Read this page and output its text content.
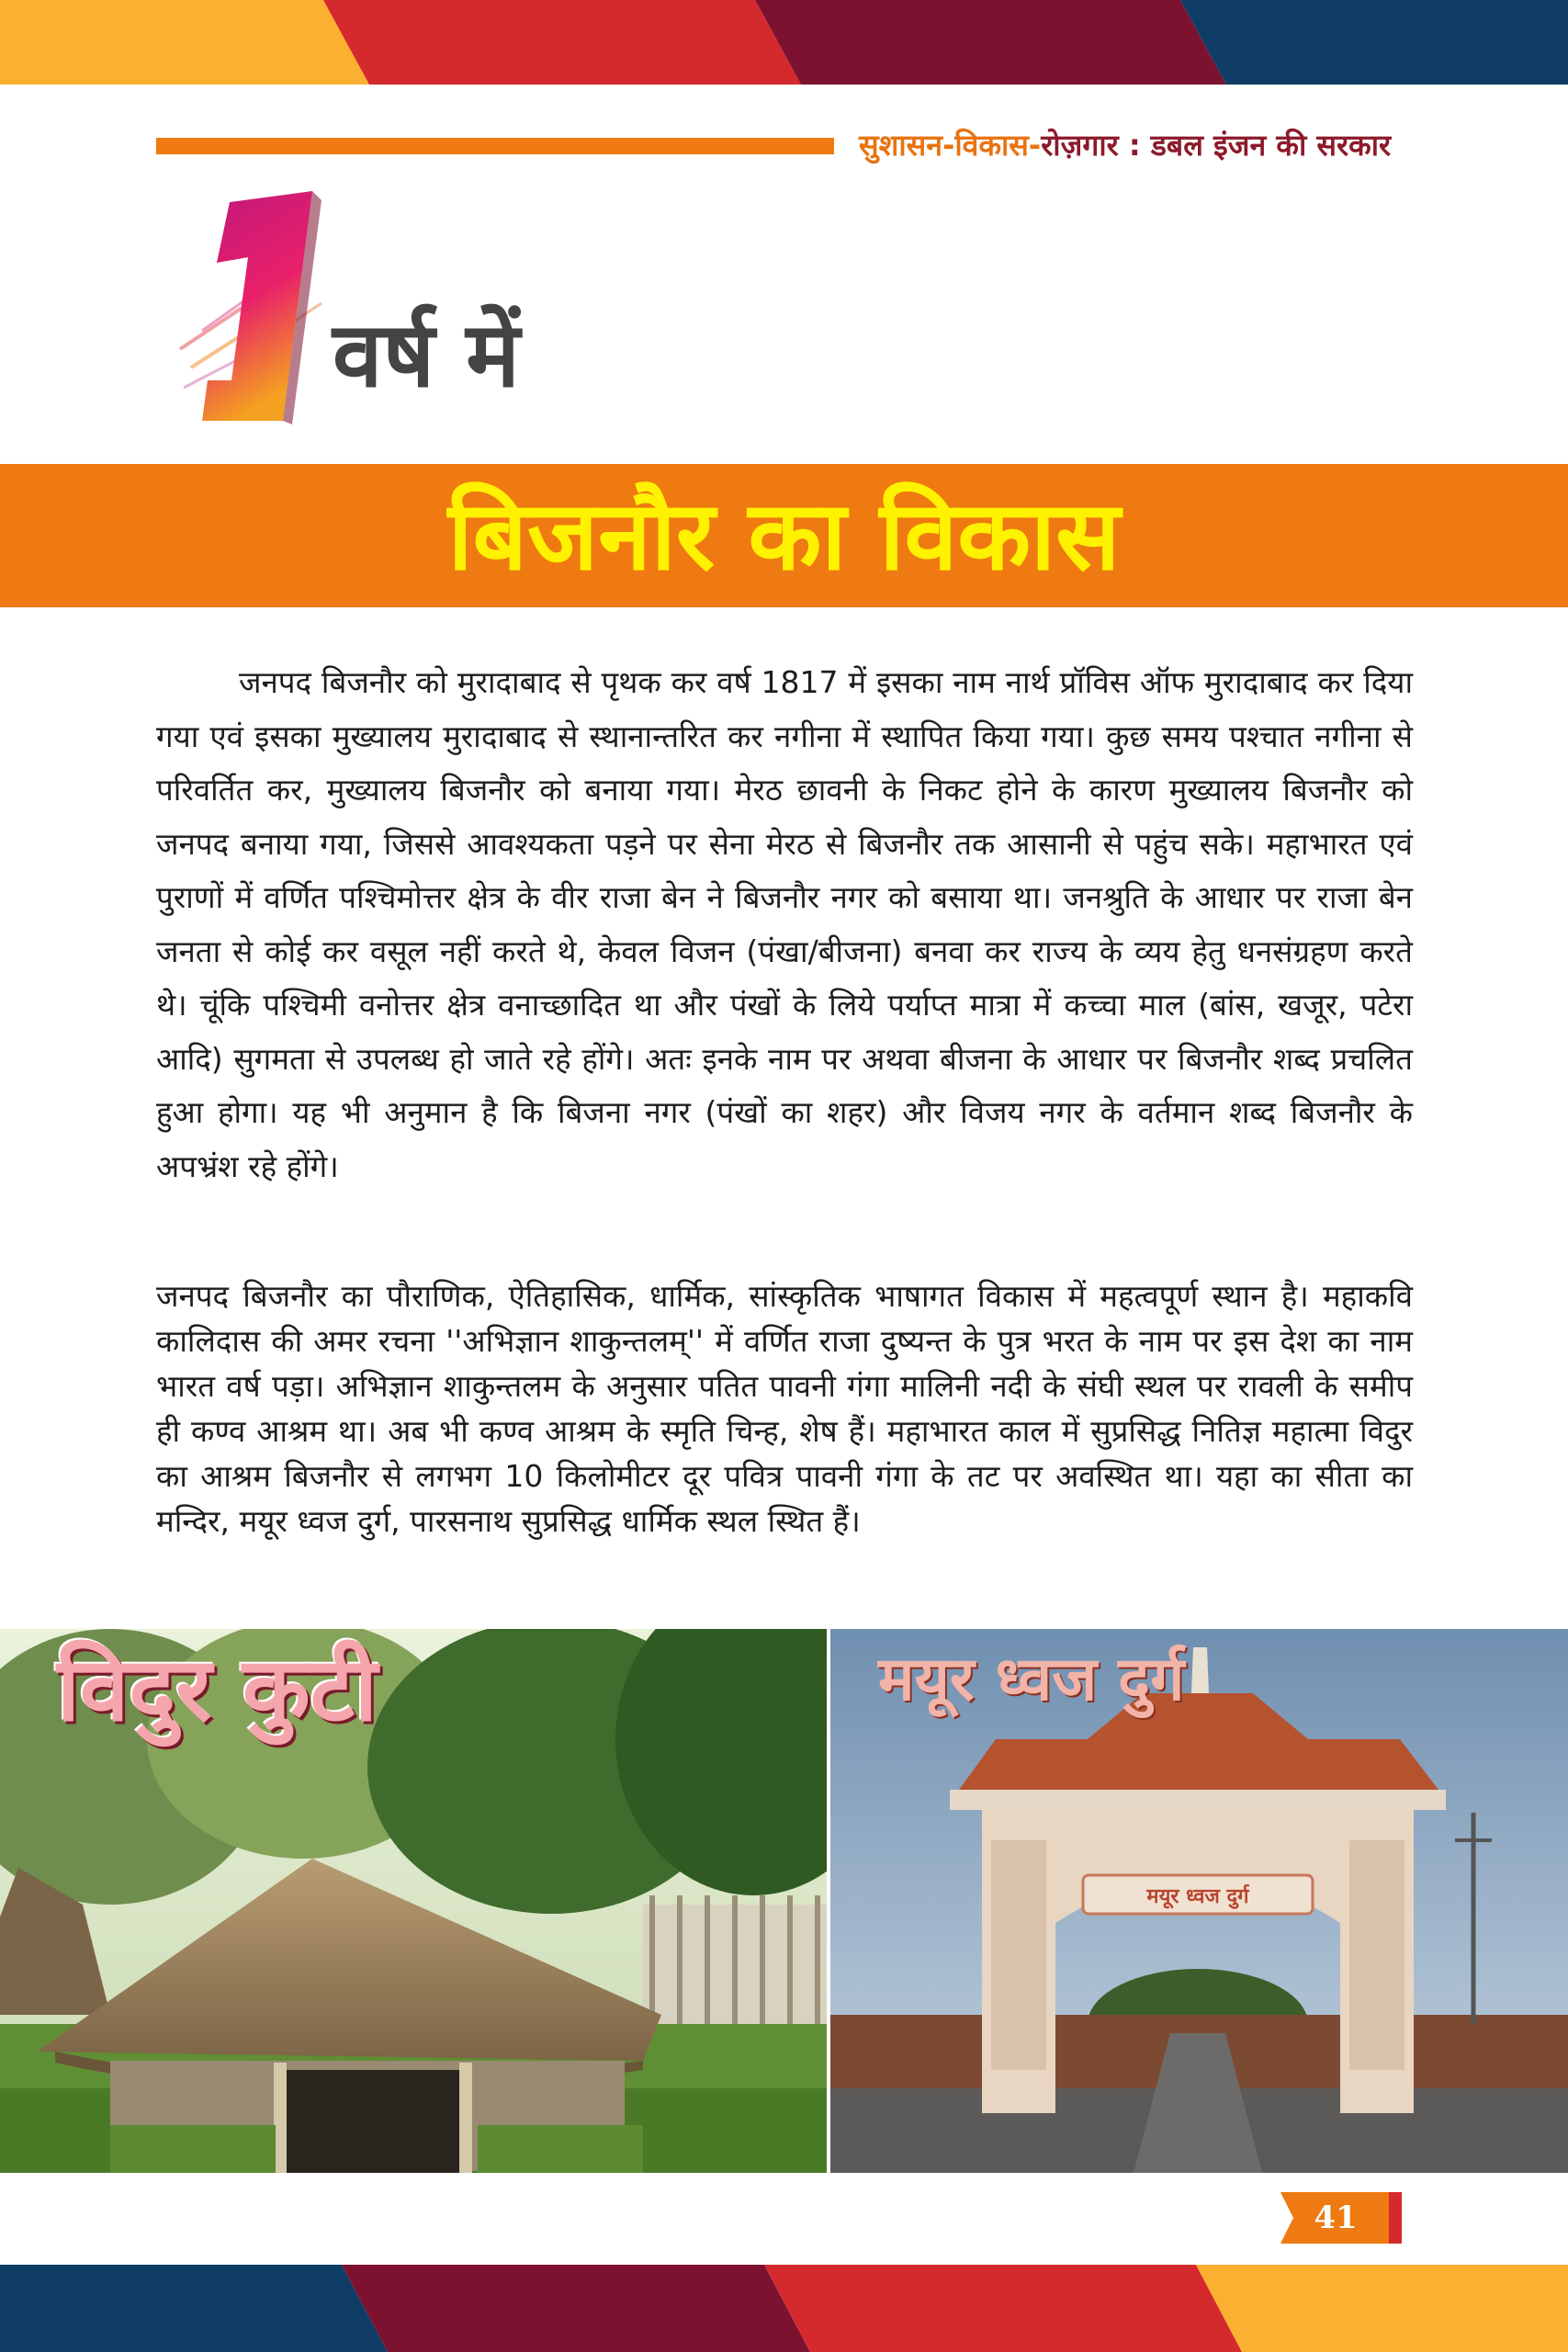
सुशासन-विकास-रोज़गार : डबल इंजन की सरकार
वर्ष में
बिजनौर का विकास

जनपद बिजनौर को मुरादाबाद से पृथक कर वर्ष 1817 में इसका नाम नार्थ प्रॉविस ऑफ मुरादाबाद कर दिया गया एवं इसका मुख्यालय मुरादाबाद से स्थानान्तरित कर नगीना में स्थापित किया गया। कुछ समय पश्चात नगीना से परिवर्तित कर, मुख्यालय बिजनौर को बनाया गया। मेरठ छावनी के निकट होने के कारण मुख्यालय बिजनौर को जनपद बनाया गया, जिससे आवश्यकता पड़ने पर सेना मेरठ से बिजनौर तक आसानी से पहुंच सके। महाभारत एवं पुराणों में वर्णित पश्चिमोत्तर क्षेत्र के वीर राजा बेन ने बिजनौर नगर को बसाया था। जनश्रुति के आधार पर राजा बेन जनता से कोई कर वसूल नहीं करते थे, केवल विजन (पंखा/बीजना) बनवा कर राज्य के व्यय हेतु धनसंग्रहण करते थे। चूंकि पश्चिमी वनोत्तर क्षेत्र वनाच्छादित था और पंखों के लिये पर्याप्त मात्रा में कच्चा माल (बांस, खजूर, पटेरा आदि) सुगमता से उपलब्ध हो जाते रहे होंगे। अतः इनके नाम पर अथवा बीजना के आधार पर बिजनौर शब्द प्रचलित हुआ होगा। यह भी अनुमान है कि बिजना नगर (पंखों का शहर) और विजय नगर के वर्तमान शब्द बिजनौर के अपभ्रंश रहे होंगे।

जनपद बिजनौर का पौराणिक, ऐतिहासिक, धार्मिक, सांस्कृतिक भाषागत विकास में महत्वपूर्ण स्थान है। महाकवि कालिदास की अमर रचना ''अभिज्ञान शाकुन्तलम्'' में वर्णित राजा दुष्यन्त के पुत्र भरत के नाम पर इस देश का नाम भारत वर्ष पड़ा। अभिज्ञान शाकुन्तलम के अनुसार पतित पावनी गंगा मालिनी नदी के संघी स्थल पर रावली के समीप ही कण्व आश्रम था। अब भी कण्व आश्रम के स्मृति चिन्ह, शेष हैं। महाभारत काल में सुप्रसिद्ध नितिज्ञ महात्मा विदुर का आश्रम बिजनौर से लगभग 10 किलोमीटर दूर पवित्र पावनी गंगा के तट पर अवस्थित था। यहा का सीता का मन्दिर, मयूर ध्वज दुर्ग, पारसनाथ सुप्रसिद्ध धार्मिक स्थल स्थित हैं।

विदुर कुटी
मयूर ध्वज दुर्ग
मयूर ध्वज दुर्ग
41
